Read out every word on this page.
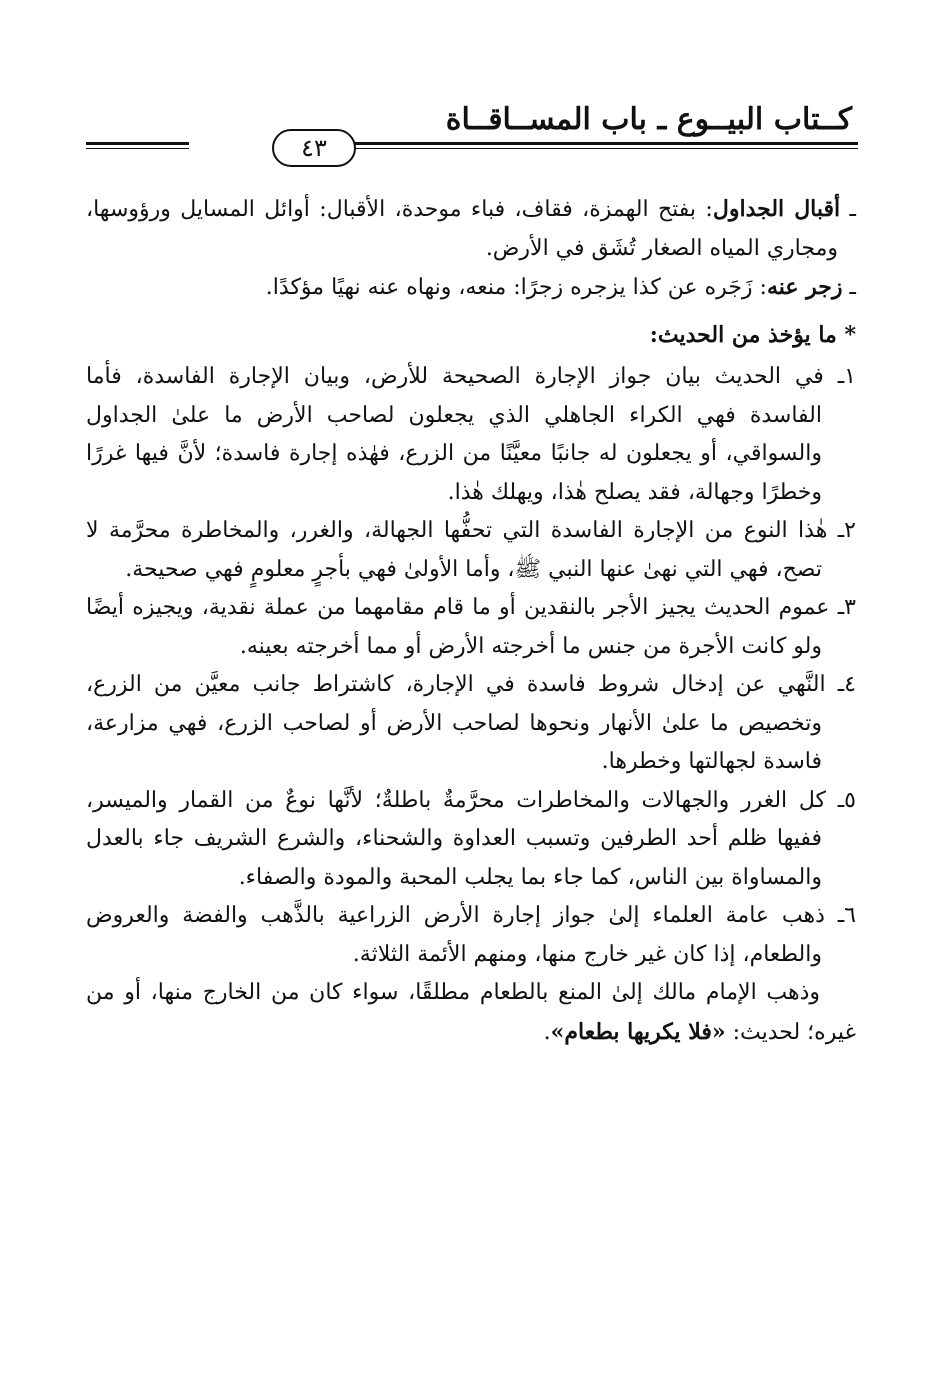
كــتاب البيــوع ـ باب المســاقــاة
٤٣

ـ أقبال الجداول: بفتح الهمزة، فقاف، فباء موحدة، الأقبال: أوائل المسايل ورؤوسها، ومجاري المياه الصغار تُشَق في الأرض.

ـ زجر عنه: زَجَره عن كذا يزجره زجرًا: منعه، ونهاه عنه نهيًا مؤكدًا.

* ما يؤخذ من الحديث:

١ـ في الحديث بيان جواز الإجارة الصحيحة للأرض، وبيان الإجارة الفاسدة، فأما الفاسدة فهي الكراء الجاهلي الذي يجعلون لصاحب الأرض ما علىٰ الجداول والسواقي، أو يجعلون له جانبًا معيَّنًا من الزرع، فهٰذه إجارة فاسدة؛ لأنَّ فيها غررًا وخطرًا وجهالة، فقد يصلح هٰذا، ويهلك هٰذا.

٢ـ هٰذا النوع من الإجارة الفاسدة التي تحفُّها الجهالة، والغرر، والمخاطرة محرَّمة لا تصح، فهي التي نهىٰ عنها النبي ﷺ، وأما الأولىٰ فهي بأجرٍ معلومٍ فهي صحيحة.

٣ـ عموم الحديث يجيز الأجر بالنقدين أو ما قام مقامهما من عملة نقدية، ويجيزه أيضًا ولو كانت الأجرة من جنس ما أخرجته الأرض أو مما أخرجته بعينه.

٤ـ النَّهي عن إدخال شروط فاسدة في الإجارة، كاشتراط جانب معيَّن من الزرع، وتخصيص ما علىٰ الأنهار ونحوها لصاحب الأرض أو لصاحب الزرع، فهي مزارعة، فاسدة لجهالتها وخطرها.

٥ـ كل الغرر والجهالات والمخاطرات محرَّمةٌ باطلةٌ؛ لأنَّها نوعٌ من القمار والميسر، ففيها ظلم أحد الطرفين وتسبب العداوة والشحناء، والشرع الشريف جاء بالعدل والمساواة بين الناس، كما جاء بما يجلب المحبة والمودة والصفاء.

٦ـ ذهب عامة العلماء إلىٰ جواز إجارة الأرض الزراعية بالذَّهب والفضة والعروض والطعام، إذا كان غير خارج منها، ومنهم الأئمة الثلاثة.

وذهب الإمام مالك إلىٰ المنع بالطعام مطلقًا، سواء كان من الخارج منها، أو من غيره؛ لحديث: «فلا يكريها بطعام».
